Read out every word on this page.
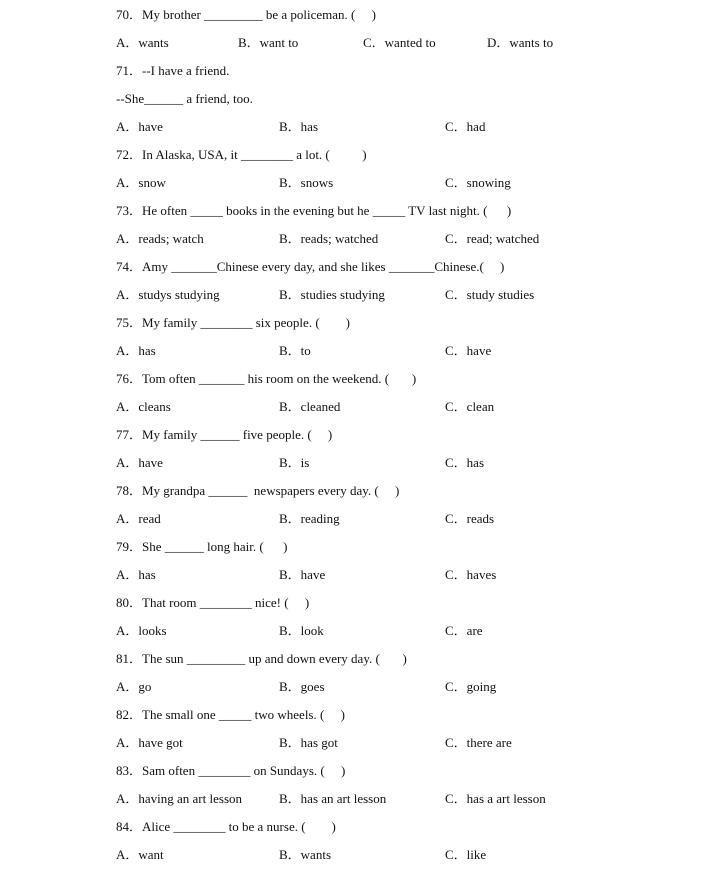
70．My brother _________ be a policeman. (     )
A．wants	B．want to	C．wanted to	D．wants to
71．--I have a friend.
--She______ a friend, too.
A．have	B．has	C．had
72．In Alaska, USA, it ________ a lot. (          )
A．snow	B．snows	C．snowing
73．He often _____ books in the evening but he _____ TV last night. (      )
A．reads; watch	B．reads; watched	C．read; watched
74．Amy _______Chinese every day, and she likes _______Chinese.(     )
A．studys studying	B．studies studying	C．study studies
75．My family ________ six people. (        )
A．has	B．to	C．have
76．Tom often _______ his room on the weekend. (       )
A．cleans	B．cleaned	C．clean
77．My family ______ five people. (     )
A．have	B．is	C．has
78．My grandpa ______  newspapers every day. (     )
A．read	B．reading	C．reads
79．She ______ long hair. (      )
A．has	B．have	C．haves
80．That room ________ nice! (     )
A．looks	B．look	C．are
81．The sun _________ up and down every day. (       )
A．go	B．goes	C．going
82．The small one _____ two wheels. (     )
A．have got	B．has got	C．there are
83．Sam often ________ on Sundays. (     )
A．having an art lesson	B．has an art lesson	C．has a art lesson
84．Alice ________ to be a nurse. (        )
A．want	B．wants	C．like
